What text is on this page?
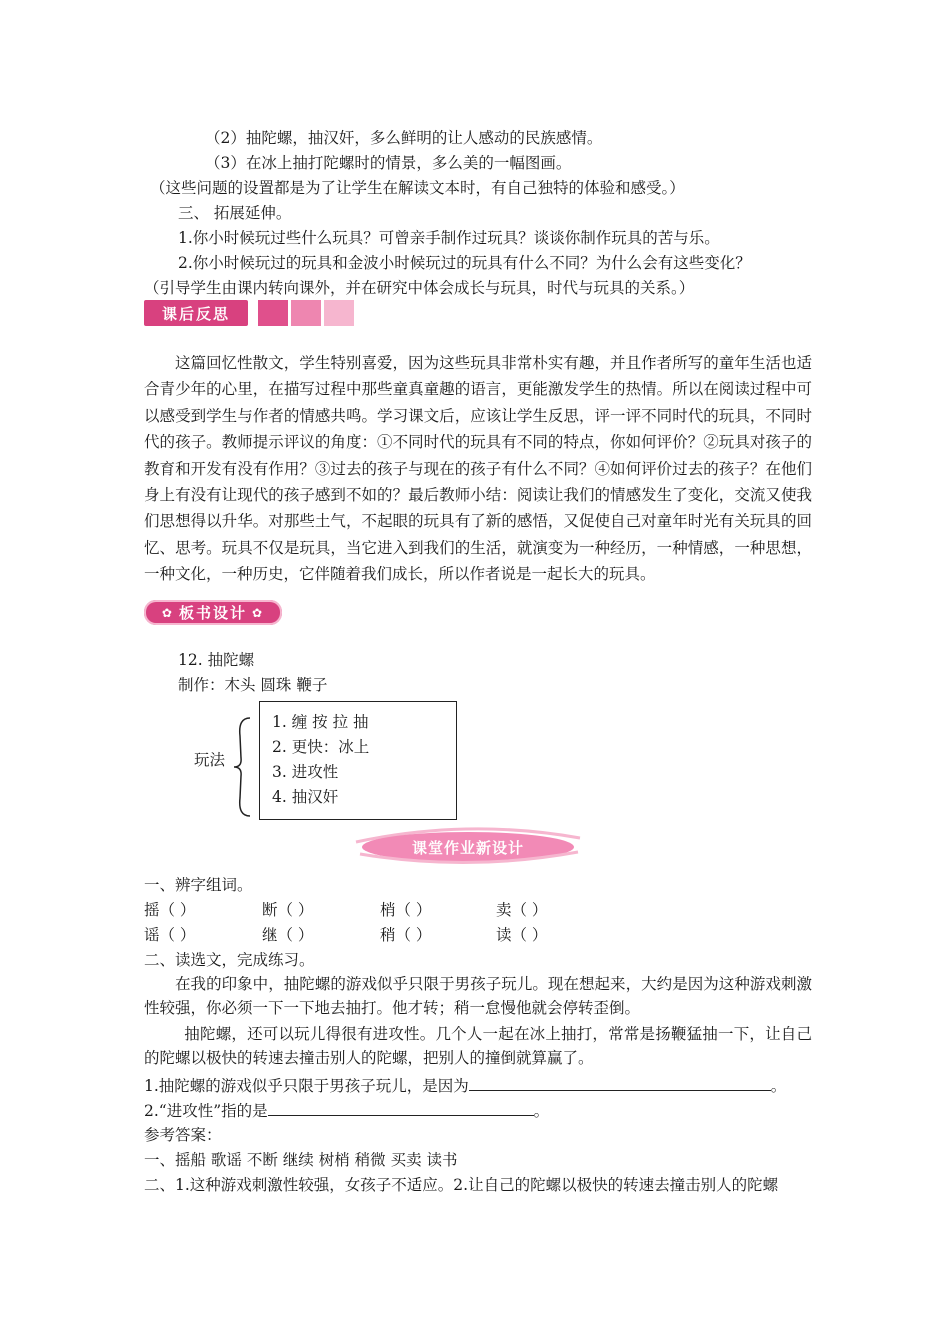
（2）抽陀螺，抽汉奸，多么鲜明的让人感动的民族感情。
（3）在冰上抽打陀螺时的情景，多么美的一幅图画。
（这些问题的设置都是为了让学生在解读文本时，有自己独特的体验和感受。）
三、 拓展延伸。
1.你小时候玩过些什么玩具？可曾亲手制作过玩具？谈谈你制作玩具的苦与乐。
2.你小时候玩过的玩具和金波小时候玩过的玩具有什么不同？为什么会有这些变化？
（引导学生由课内转向课外，并在研究中体会成长与玩具，时代与玩具的关系。）
课后反思
这篇回忆性散文，学生特别喜爱，因为这些玩具非常朴实有趣，并且作者所写的童年生活也适合青少年的心里，在描写过程中那些童真童趣的语言，更能激发学生的热情。所以在阅读过程中可以感受到学生与作者的情感共鸣。学习课文后，应该让学生反思，评一评不同时代的玩具，不同时代的孩子。教师提示评议的角度：①不同时代的玩具有不同的特点，你如何评价？②玩具对孩子的教育和开发有没有作用？③过去的孩子与现在的孩子有什么不同？④如何评价过去的孩子？在他们身上有没有让现代的孩子感到不如的？最后教师小结：阅读让我们的情感发生了变化，交流又使我们思想得以升华。对那些土气，不起眼的玩具有了新的感悟，又促使自己对童年时光有关玩具的回忆、思考。玩具不仅是玩具，当它进入到我们的生活，就演变为一种经历，一种情感，一种思想，一种文化，一种历史，它伴随着我们成长，所以作者说是一起长大的玩具。
✿ 板书设计 ✿
12. 抽陀螺
制作：木头 圆珠 鞭子
玩法
1. 缠 按 拉 抽
2. 更快：冰上
3. 进攻性
4. 抽汉奸
课堂作业新设计
一、辨字组词。
摇（ ）	断（ ）	梢（ ）	卖（ ）
谣（ ）	继（ ）	稍（ ）	读（ ）
二、读选文，完成练习。
在我的印象中，抽陀螺的游戏似乎只限于男孩子玩儿。现在想起来，大约是因为这种游戏刺激性较强，你必须一下一下地去抽打。他才转；稍一怠慢他就会停转歪倒。
抽陀螺，还可以玩儿得很有进攻性。几个人一起在冰上抽打，常常是扬鞭猛抽一下，让自己的陀螺以极快的转速去撞击别人的陀螺，把别人的撞倒就算赢了。
1.抽陀螺的游戏似乎只限于男孩子玩儿，是因为	。
2.“进攻性”指的是	。
参考答案：
一、摇船 歌谣 不断 继续 树梢 稍微 买卖 读书
二、1.这种游戏刺激性较强，女孩子不适应。2.让自己的陀螺以极快的转速去撞击别人的陀螺
